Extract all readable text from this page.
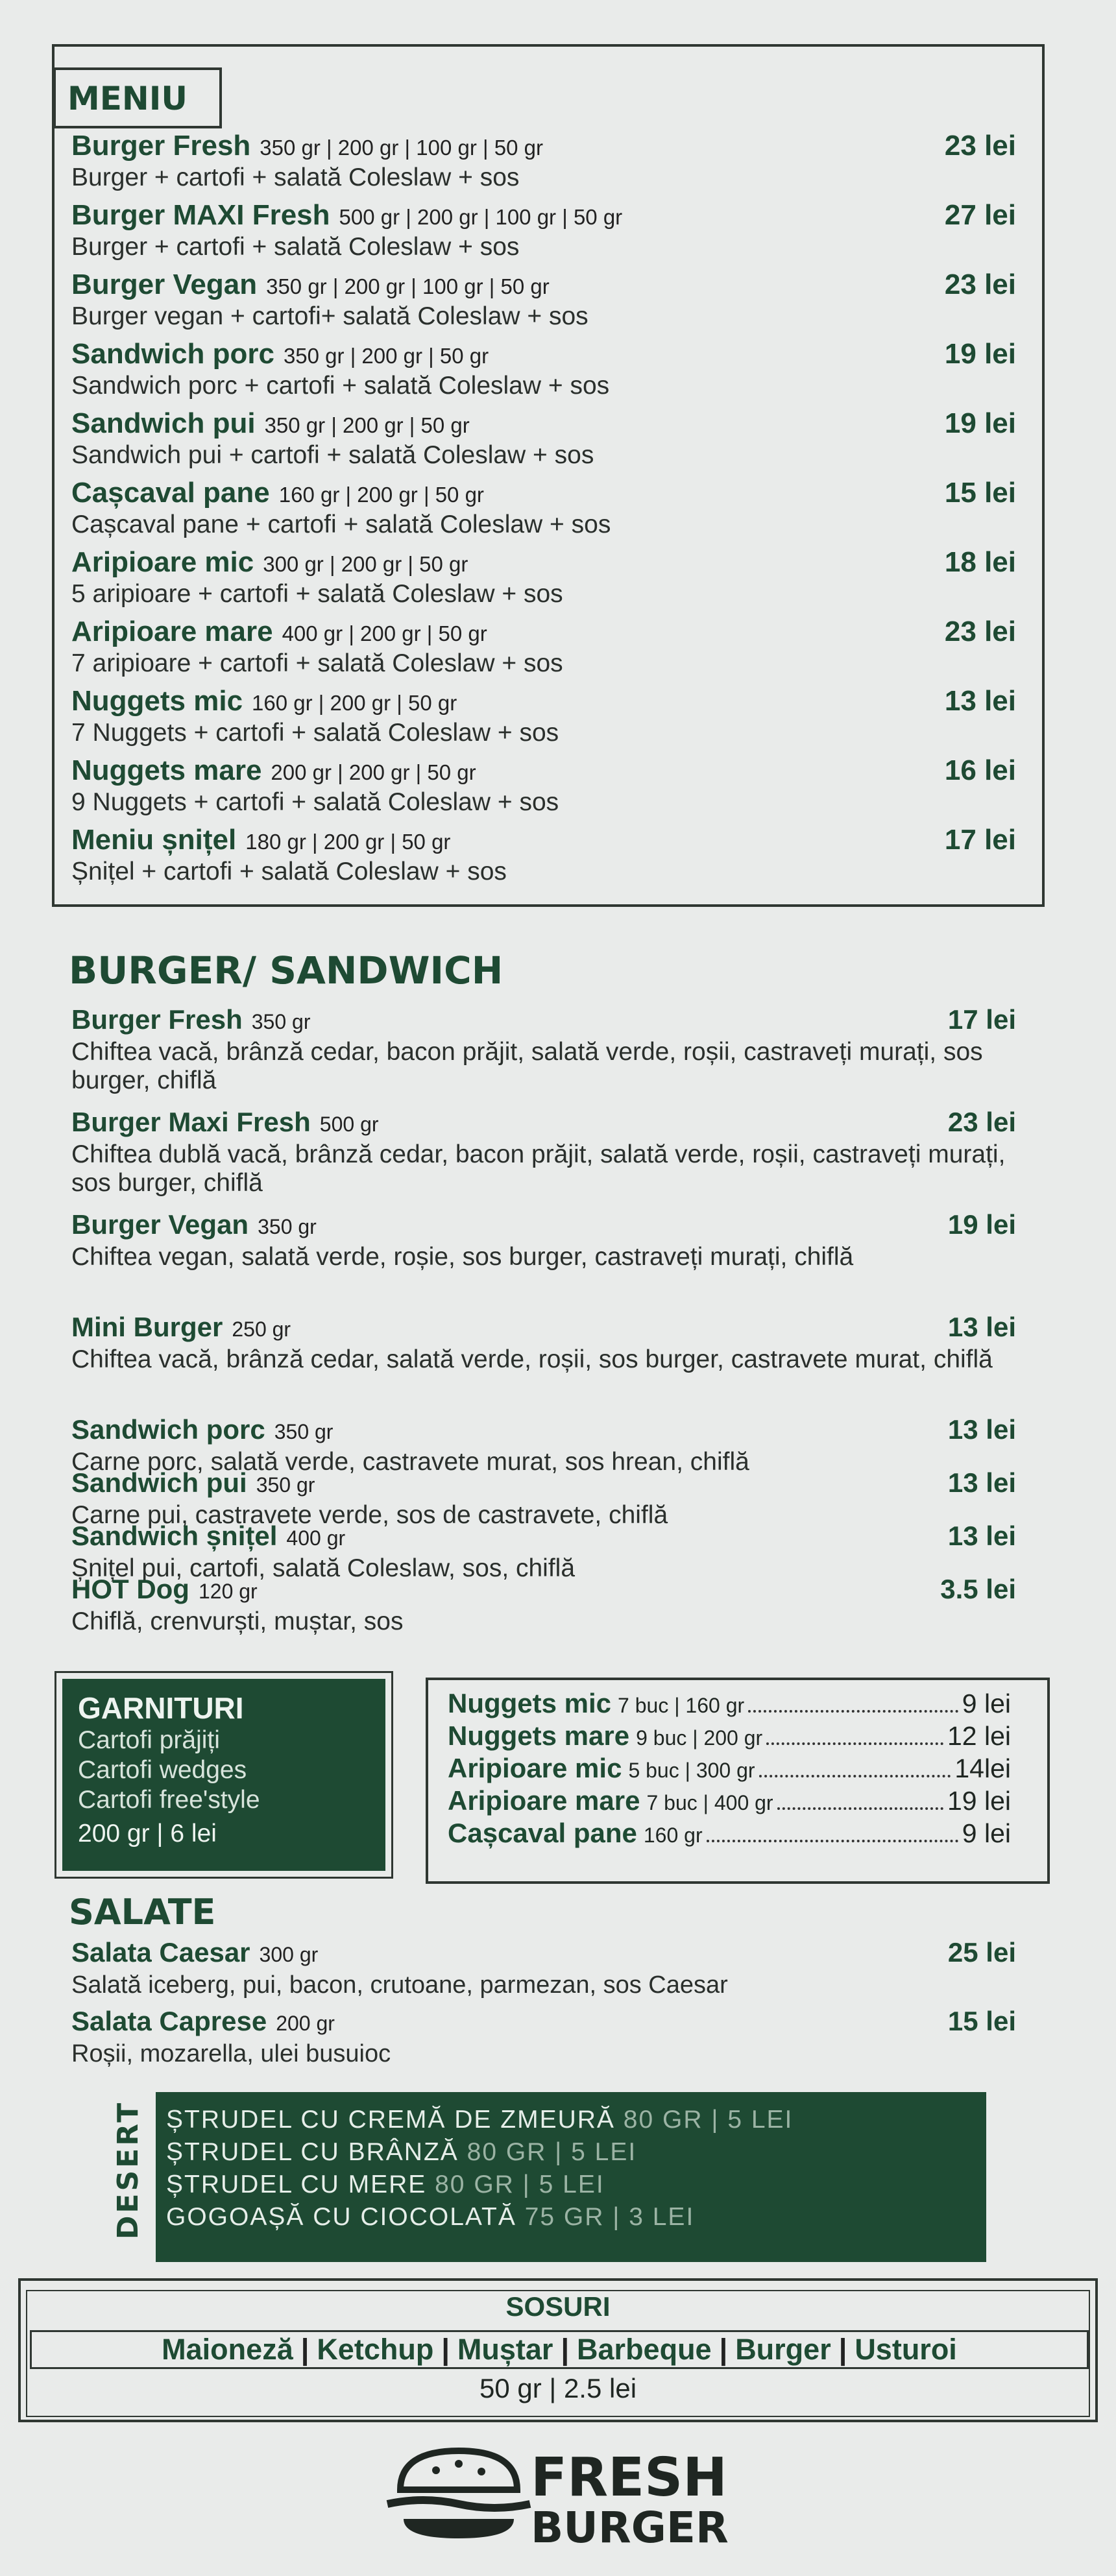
MENIU
Burger Fresh 350 gr | 200 gr | 100 gr | 50 gr	23 lei
Burger + cartofi + salată Coleslaw + sos
Burger MAXI Fresh 500 gr | 200 gr | 100 gr | 50 gr	27 lei
Burger + cartofi + salată Coleslaw + sos
Burger Vegan 350 gr | 200 gr | 100 gr | 50 gr	23 lei
Burger vegan + cartofi+ salată Coleslaw + sos
Sandwich porc 350 gr | 200 gr | 50 gr	19 lei
Sandwich porc + cartofi + salată Coleslaw + sos
Sandwich pui 350 gr | 200 gr | 50 gr	19 lei
Sandwich pui + cartofi + salată Coleslaw + sos
Cașcaval pane 160 gr | 200 gr | 50 gr	15 lei
Cașcaval pane + cartofi + salată Coleslaw + sos
Aripioare mic 300 gr | 200 gr | 50 gr	18 lei
5 aripioare + cartofi + salată Coleslaw + sos
Aripioare mare 400 gr | 200 gr | 50 gr	23 lei
7 aripioare + cartofi + salată Coleslaw + sos
Nuggets mic 160 gr | 200 gr | 50 gr	13 lei
7 Nuggets + cartofi + salată Coleslaw + sos
Nuggets mare 200 gr | 200 gr | 50 gr	16 lei
9 Nuggets + cartofi + salată Coleslaw + sos
Meniu șnițel 180 gr | 200 gr | 50 gr	17 lei
Șnițel + cartofi + salată Coleslaw + sos
BURGER/ SANDWICH
Burger Fresh 350 gr	17 lei
Chiftea vacă, brânză cedar, bacon prăjit, salată verde, roșii, castraveți murați, sos burger, chiflă
Burger Maxi Fresh 500 gr	23 lei
Chiftea dublă vacă, brânză cedar, bacon prăjit, salată verde, roșii, castraveți murați, sos burger, chiflă
Burger Vegan 350 gr	19 lei
Chiftea vegan, salată verde, roșie, sos burger, castraveți murați, chiflă
Mini Burger 250 gr	13 lei
Chiftea vacă, brânză cedar, salată verde, roșii, sos burger, castravete murat, chiflă
Sandwich porc 350 gr	13 lei
Carne porc, salată verde, castravete murat, sos hrean, chiflă
Sandwich pui 350 gr	13 lei
Carne pui, castravete verde, sos de castravete, chiflă
Sandwich șnițel 400 gr	13 lei
Șnițel pui, cartofi, salată Coleslaw, sos, chiflă
HOT Dog 120 gr	3.5 lei
Chiflă, crenvurști, muștar, sos
GARNITURI
Cartofi prăjiți
Cartofi wedges
Cartofi free'style
200 gr | 6 lei
Nuggets mic 7 buc | 160 gr	9 lei
Nuggets mare 9 buc | 200 gr	12 lei
Aripioare mic 5 buc | 300 gr	14lei
Aripioare mare 7 buc | 400 gr	19 lei
Cașcaval pane 160 gr	9 lei
SALATE
Salata Caesar 300 gr	25 lei
Salată iceberg, pui, bacon, crutoane, parmezan, sos Caesar
Salata Caprese 200 gr	15 lei
Roșii, mozarella, ulei busuioc
DESERT ȘTRUDEL CU CREMĂ DE ZMEURĂ 80 GR | 5 LEI
ȘTRUDEL CU BRÂNZĂ 80 GR | 5 LEI
ȘTRUDEL CU MERE 80 GR | 5 LEI
GOGOAȘĂ CU CIOCOLATĂ 75 GR | 3 LEI
SOSURI
Maioneză | Ketchup | Muștar | Barbeque | Burger | Usturoi
50 gr | 2.5 lei
FRESH
BURGER
